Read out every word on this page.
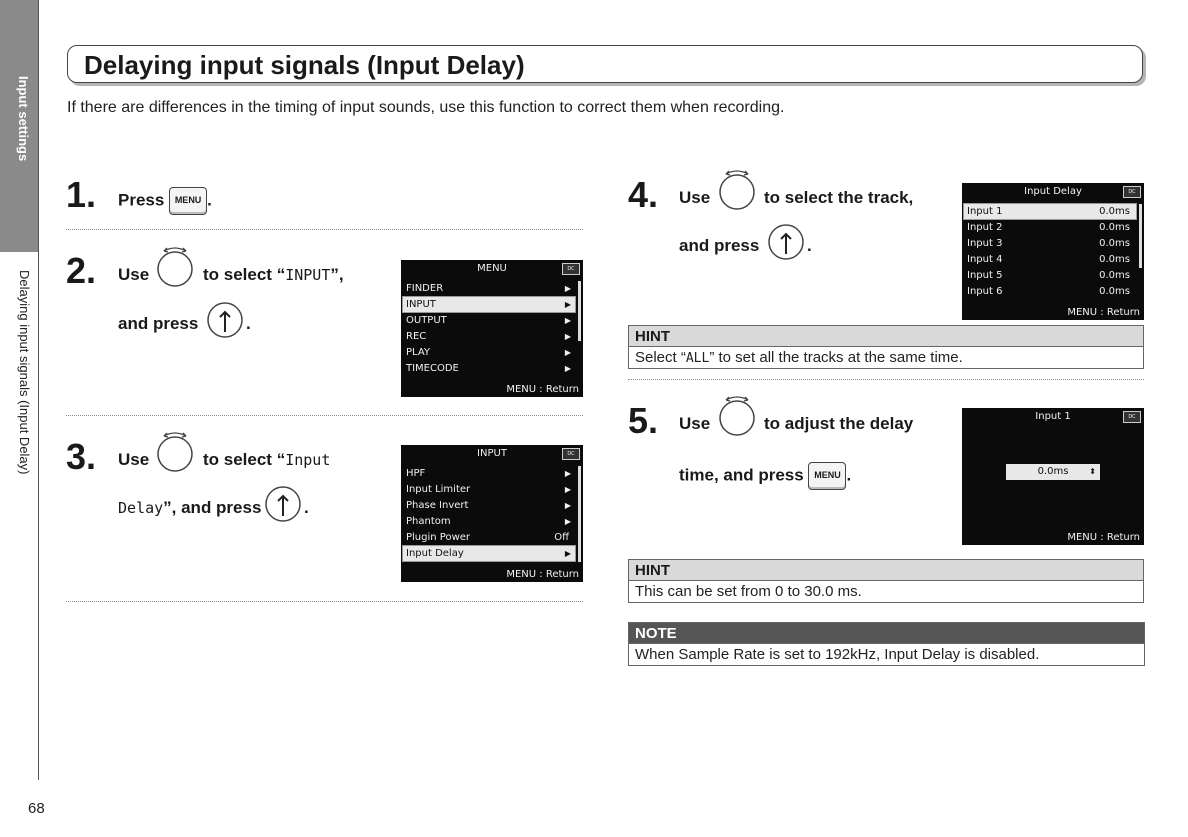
Input settings
Delaying input signals (Input Delay)
68
Delaying input signals (Input Delay)
If there are differences in the timing of input sounds, use this function to correct them when recording.
1. Press MENU .
2. Use	to select “INPUT”,
and press	.
MENU	DC
FINDER	▶
INPUT	▶
OUTPUT	▶
REC	▶
PLAY	▶
TIMECODE	▶
MENU : Return
3. Use	to select “Input
Delay”, and press	.
INPUT	DC
HPF	▶
Input Limiter	▶
Phase Invert	▶
Phantom	▶
Plugin Power	Off
Input Delay	▶
MENU : Return
4. Use	to select the track,
and press	.
Input Delay	DC
Input 1	0.0ms
Input 2	0.0ms
Input 3	0.0ms
Input 4	0.0ms
Input 5	0.0ms
Input 6	0.0ms
MENU : Return
HINT
Select “ALL” to set all the tracks at the same time.
5. Use	to adjust the delay
time, and press MENU .
Input 1	DC
0.0ms	⬍
MENU : Return
HINT
This can be set from 0 to 30.0 ms.
NOTE
When Sample Rate is set to 192kHz, Input Delay is disabled.
